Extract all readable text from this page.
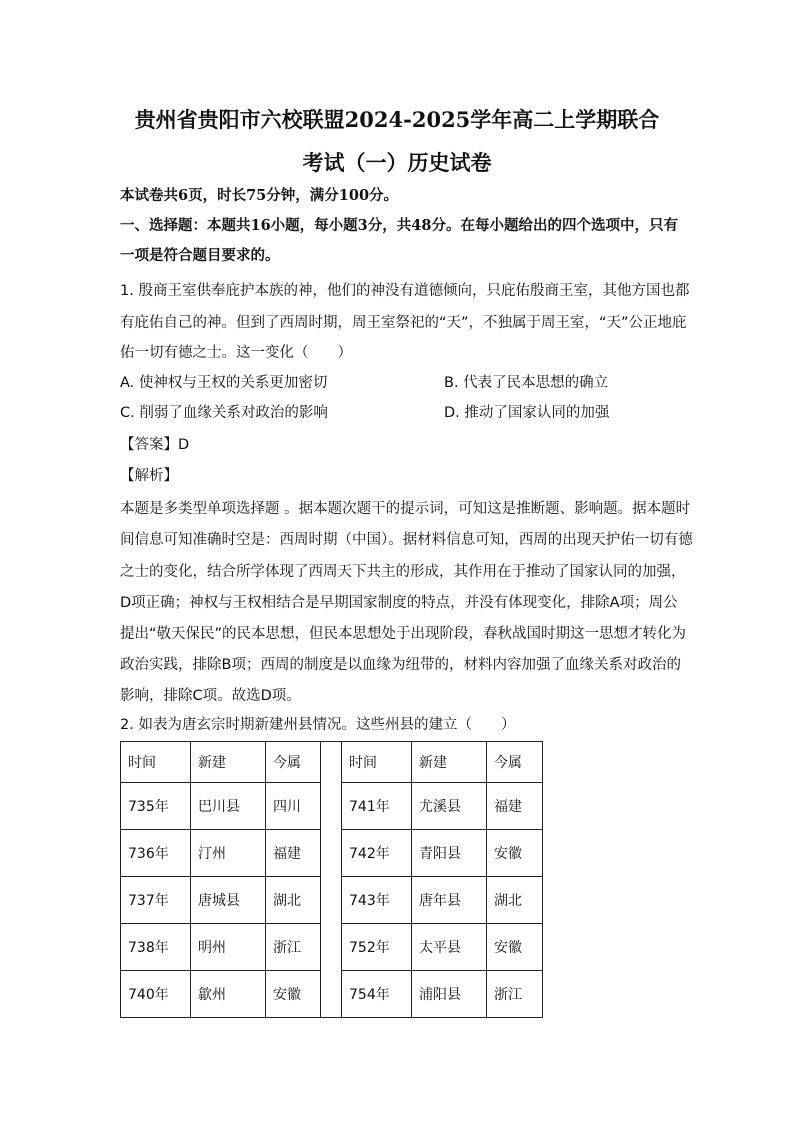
贵州省贵阳市六校联盟2024-2025学年高二上学期联合
考试（一）历史试卷
本试卷共6页，时长75分钟，满分100分。
一、选择题：本题共16小题，每小题3分，共48分。在每小题给出的四个选项中，只有
一项是符合题目要求的。
1. 殷商王室供奉庇护本族的神，他们的神没有道德倾向，只庇佑殷商王室，其他方国也都
有庇佑自己的神。但到了西周时期，周王室祭祀的“天”，不独属于周王室，“天”公正地庇
佑一切有德之士。这一变化（　　）
A. 使神权与王权的关系更加密切	B. 代表了民本思想的确立
C. 削弱了血缘关系对政治的影响	D. 推动了国家认同的加强
【答案】D
【解析】
本题是多类型单项选择题 。据本题次题干的提示词，可知这是推断题、影响题。据本题时
间信息可知准确时空是：西周时期（中国）。据材料信息可知，西周的出现天护佑一切有德
之士的变化，结合所学体现了西周天下共主的形成，其作用在于推动了国家认同的加强，
D项正确；神权与王权相结合是早期国家制度的特点，并没有体现变化，排除A项；周公
提出“敬天保民”的民本思想，但民本思想处于出现阶段，春秋战国时期这一思想才转化为
政治实践，排除B项；西周的制度是以血缘为纽带的，材料内容加强了血缘关系对政治的
影响，排除C项。故选D项。
2. 如表为唐玄宗时期新建州县情况。这些州县的建立（　　）
时间	新建	今属		时间	新建	今属
735年	巴川县	四川		741年	尤溪县	福建
736年	汀州	福建		742年	青阳县	安徽
737年	唐城县	湖北		743年	唐年县	湖北
738年	明州	浙江		752年	太平县	安徽
740年	歙州	安徽		754年	浦阳县	浙江
